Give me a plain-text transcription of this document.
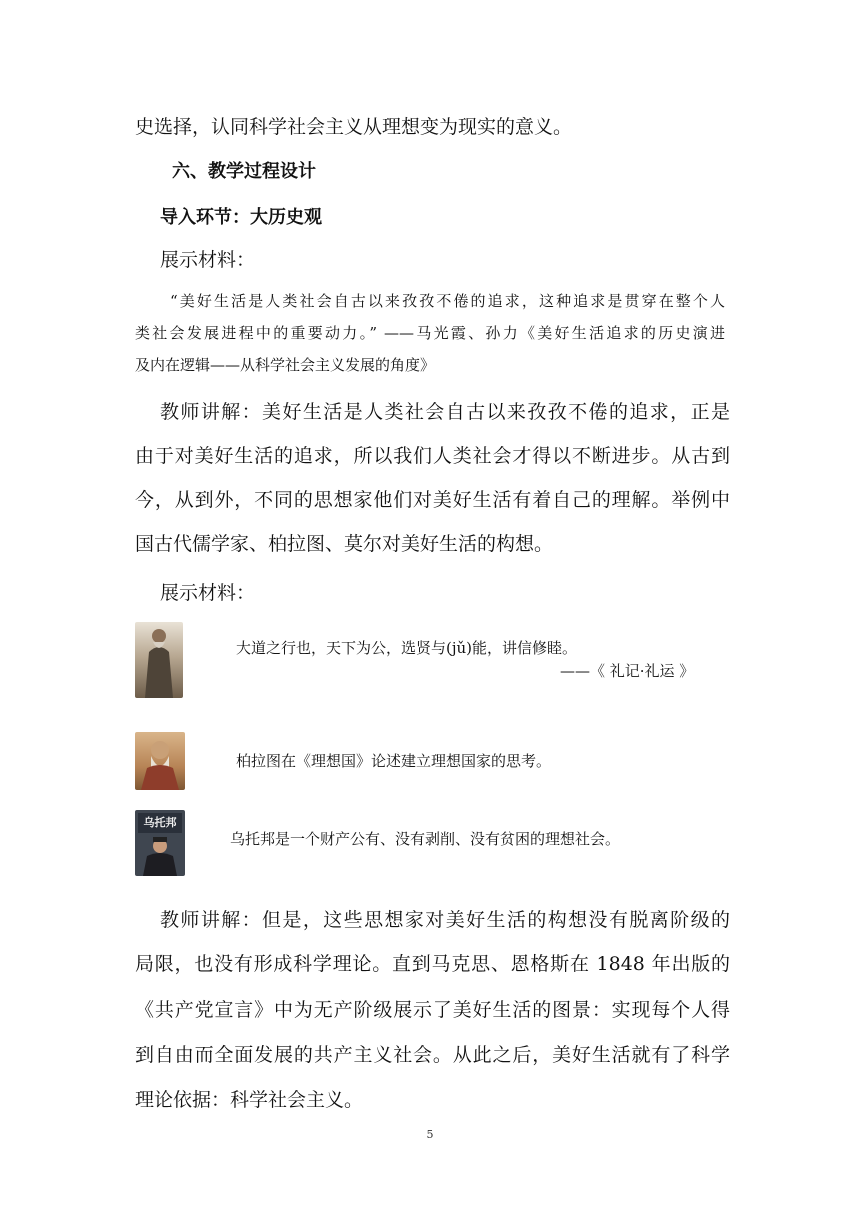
史选择，认同科学社会主义从理想变为现实的意义。
六、教学过程设计
导入环节：大历史观
展示材料：
“美好生活是人类社会自古以来孜孜不倦的追求，这种追求是贯穿在整个人
类社会发展进程中的重要动力。” ——马光霞、孙力《美好生活追求的历史演进
及内在逻辑——从科学社会主义发展的角度》
教师讲解：美好生活是人类社会自古以来孜孜不倦的追求，正是
由于对美好生活的追求，所以我们人类社会才得以不断进步。从古到
今，从到外，不同的思想家他们对美好生活有着自己的理解。举例中
国古代儒学家、柏拉图、莫尔对美好生活的构想。
展示材料：
大道之行也，天下为公，选贤与(jǔ)能，讲信修睦。
——《 礼记·礼运 》
柏拉图在《理想国》论述建立理想国家的思考。
乌托邦
乌托邦是一个财产公有、没有剥削、没有贫困的理想社会。
教师讲解：但是，这些思想家对美好生活的构想没有脱离阶级的
局限，也没有形成科学理论。直到马克思、恩格斯在 1848 年出版的
《共产党宣言》中为无产阶级展示了美好生活的图景：实现每个人得
到自由而全面发展的共产主义社会。从此之后，美好生活就有了科学
理论依据：科学社会主义。
5
